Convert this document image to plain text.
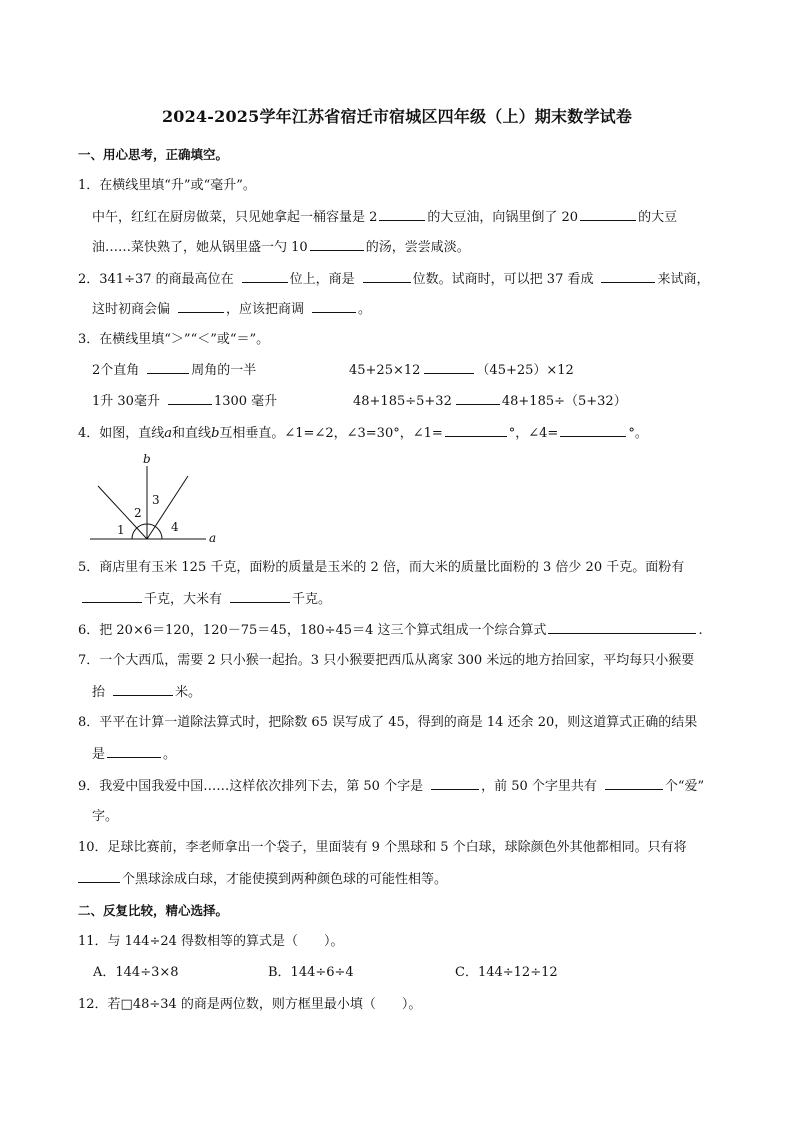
2024-2025学年江苏省宿迁市宿城区四年级（上）期末数学试卷
一、用心思考，正确填空。
1．在横线里填“升”或“毫升”。
中午，红红在厨房做菜，只见她拿起一桶容量是 2	的大豆油，向锅里倒了 20	的大豆
油……菜快熟了，她从锅里盛一勺 10	的汤，尝尝咸淡。
2．341÷37 的商最高位在	位上，商是	位数。试商时，可以把 37 看成	来试商，
这时初商会偏	，应该把商调	。
3．在横线里填“＞”“＜”或“＝”。
2个直角	周角的一半	45+25×12	（45+25）×12
1升 30毫升	1300 毫升	48+185÷5+32	48+185÷（5+32）
4．如图，直线a和直线b互相垂直。∠1=∠2，∠3=30°，∠1=	°，∠4=	°。
b
a
1
2
3
4
5．商店里有玉米 125 千克，面粉的质量是玉米的 2 倍，而大米的质量比面粉的 3 倍少 20 千克。面粉有
千克，大米有	千克。
6．把 20×6＝120，120－75＝45，180÷45＝4 这三个算式组成一个综合算式	.
7．一个大西瓜，需要 2 只小猴一起抬。3 只小猴要把西瓜从离家 300 米远的地方抬回家，平均每只小猴要
抬	米。
8．平平在计算一道除法算式时，把除数 65 误写成了 45，得到的商是 14 还余 20，则这道算式正确的结果
是	。
9．我爱中国我爱中国……这样依次排列下去，第 50 个字是	，前 50 个字里共有	个“爱”
字。
10．足球比赛前，李老师拿出一个袋子，里面装有 9 个黑球和 5 个白球，球除颜色外其他都相同。只有将
个黑球涂成白球，才能使摸到两种颜色球的可能性相等。
二、反复比较，精心选择。
11．与 144÷24 得数相等的算式是（　　）。
A．144÷3×8	B．144÷6÷4	C．144÷12÷12
12．若□48÷34 的商是两位数，则方框里最小填（　　）。
